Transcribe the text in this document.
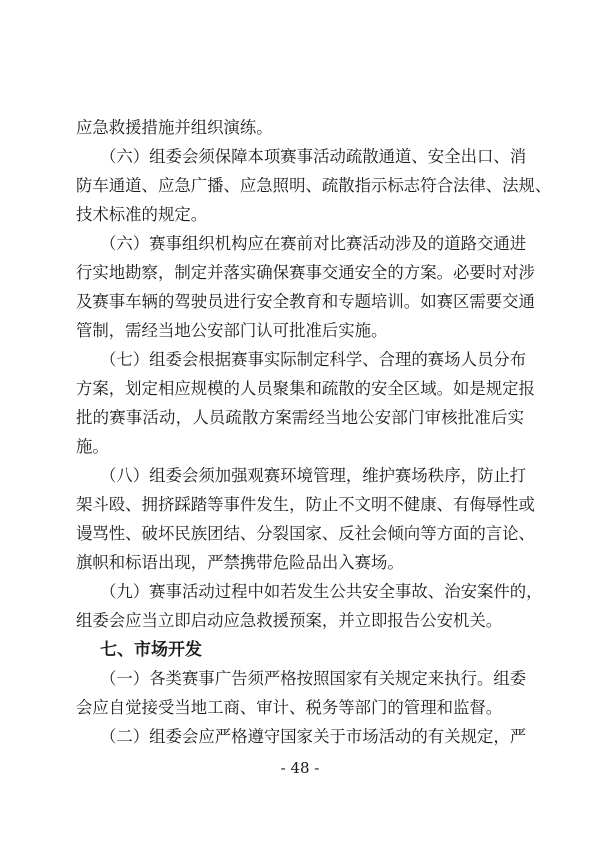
应急救援措施并组织演练。
（六）组委会须保障本项赛事活动疏散通道、安全出口、消
防车通道、应急广播、应急照明、疏散指示标志符合法律、法规、
技术标准的规定。
（六）赛事组织机构应在赛前对比赛活动涉及的道路交通进
行实地勘察，制定并落实确保赛事交通安全的方案。必要时对涉
及赛事车辆的驾驶员进行安全教育和专题培训。如赛区需要交通
管制，需经当地公安部门认可批准后实施。
（七）组委会根据赛事实际制定科学、合理的赛场人员分布
方案，划定相应规模的人员聚集和疏散的安全区域。如是规定报
批的赛事活动，人员疏散方案需经当地公安部门审核批准后实
施。
（八）组委会须加强观赛环境管理，维护赛场秩序，防止打
架斗殴、拥挤踩踏等事件发生，防止不文明不健康、有侮辱性或
谩骂性、破坏民族团结、分裂国家、反社会倾向等方面的言论、
旗帜和标语出现，严禁携带危险品出入赛场。
（九）赛事活动过程中如若发生公共安全事故、治安案件的，
组委会应当立即启动应急救援预案，并立即报告公安机关。
七、市场开发
（一）各类赛事广告须严格按照国家有关规定来执行。组委
会应自觉接受当地工商、审计、税务等部门的管理和监督。
（二）组委会应严格遵守国家关于市场活动的有关规定，严
- 48 -
